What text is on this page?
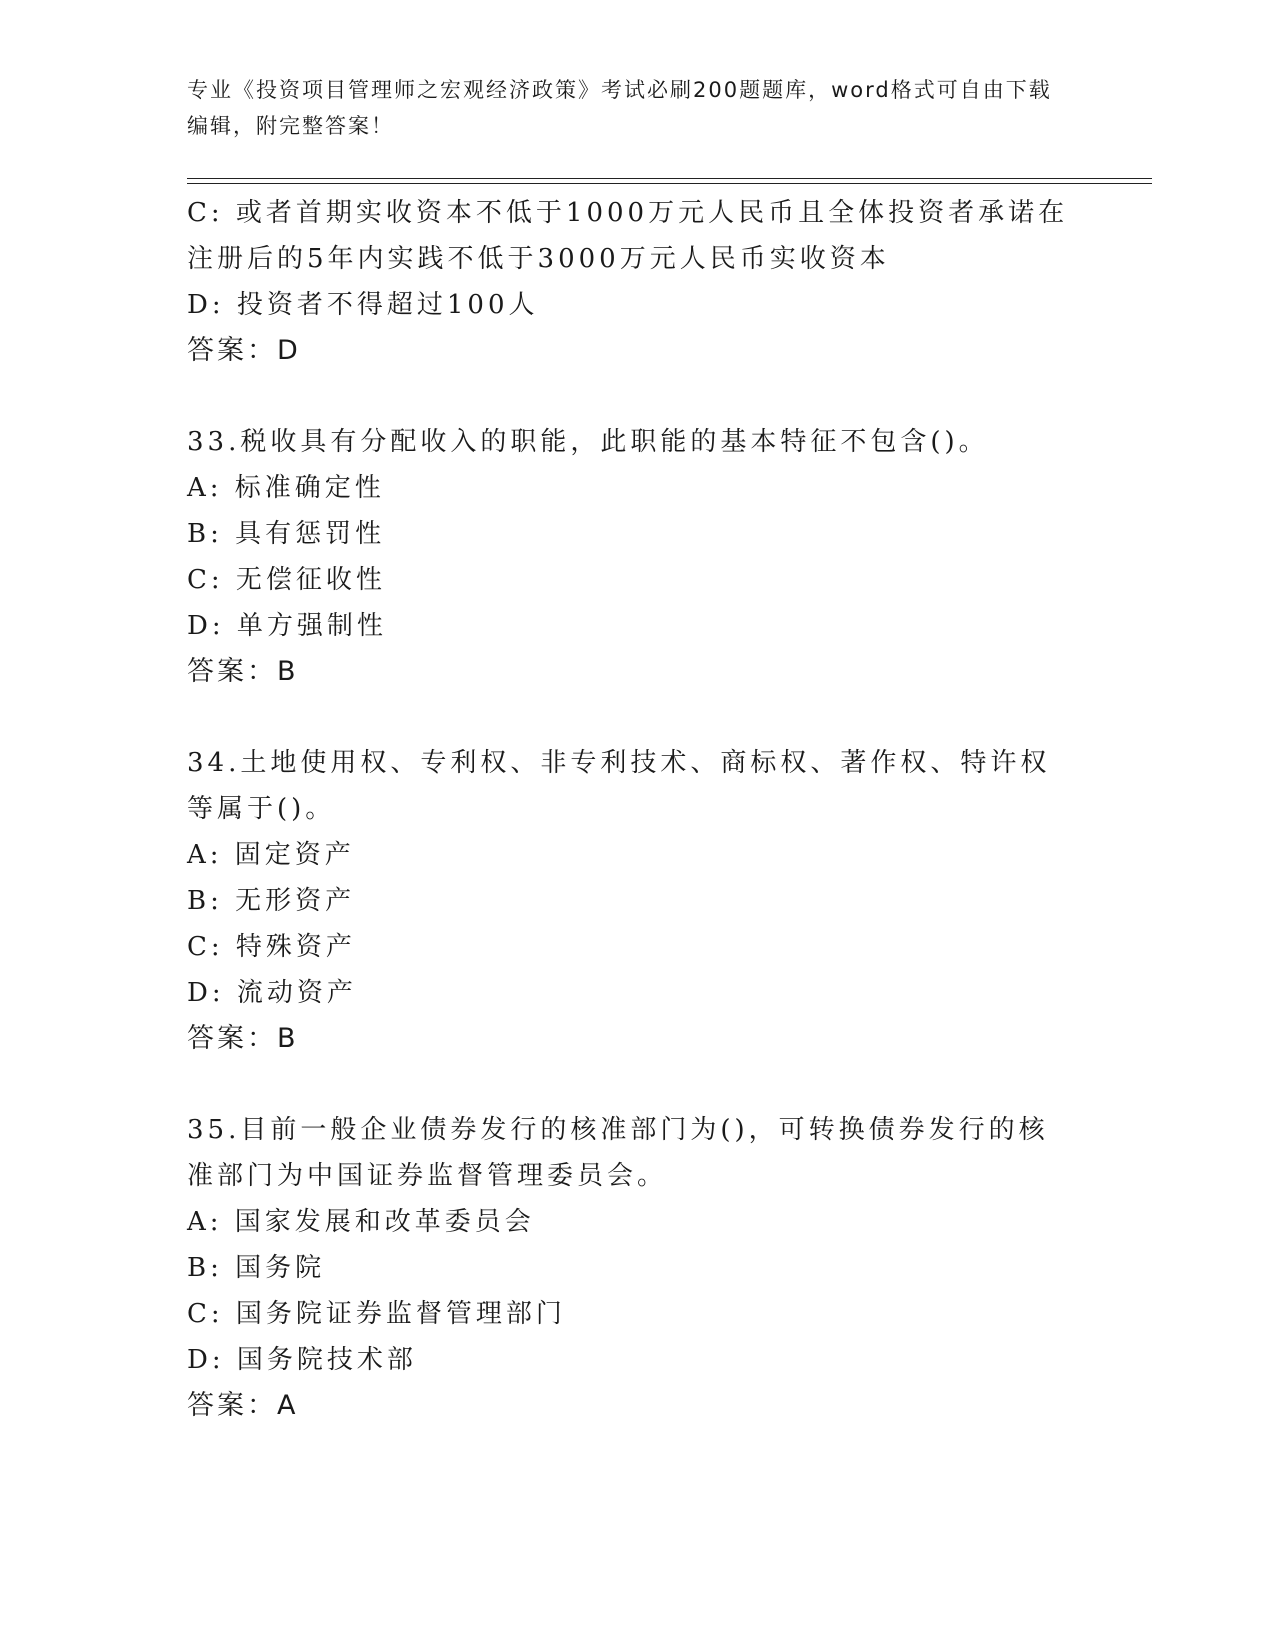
专业《投资项目管理师之宏观经济政策》考试必刷200题题库，word格式可自由下载编辑，附完整答案！
C: 或者首期实收资本不低于1000万元人民币且全体投资者承诺在注册后的5年内实践不低于3000万元人民币实收资本
D: 投资者不得超过100人
答案：D
33.税收具有分配收入的职能，此职能的基本特征不包含()。
A: 标准确定性
B: 具有惩罚性
C: 无偿征收性
D: 单方强制性
答案：B
34.土地使用权、专利权、非专利技术、商标权、著作权、特许权等属于()。
A: 固定资产
B: 无形资产
C: 特殊资产
D: 流动资产
答案：B
35.目前一般企业债券发行的核准部门为()，可转换债券发行的核准部门为中国证券监督管理委员会。
A: 国家发展和改革委员会
B: 国务院
C: 国务院证券监督管理部门
D: 国务院技术部
答案：A
